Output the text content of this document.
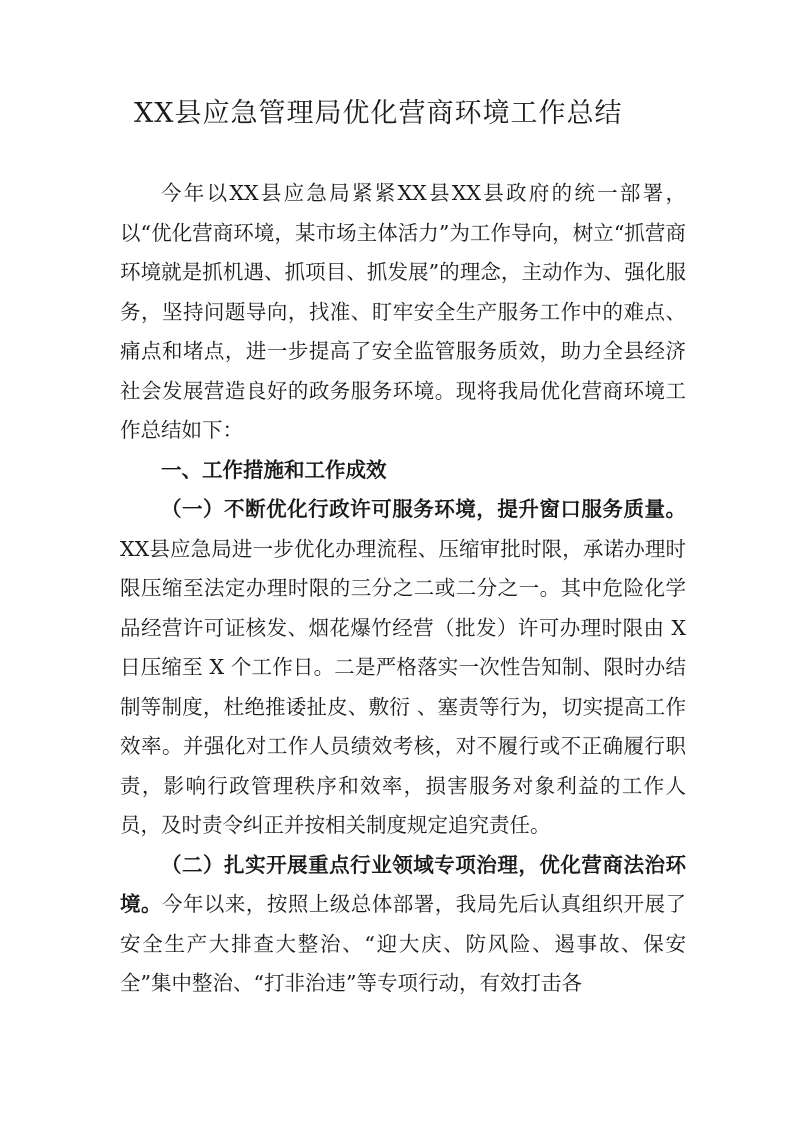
XX县应急管理局优化营商环境工作总结

今年以XX县应急局紧紧XX县XX县政府的统一部署， 以“优化营商环境，某市场主体活力”为工作导向，树立“抓营商环境就是抓机遇、抓项目、抓发展”的理念，主动作为、强化服务，坚持问题导向，找准、盯牢安全生产服务工作中的难点、痛点和堵点，进一步提高了安全监管服务质效，助力全县经济社会发展营造良好的政务服务环境。现将我局优化营商环境工作总结如下：

一、工作措施和工作成效

（一）不断优化行政许可服务环境，提升窗口服务质量。 XX县应急局进一步优化办理流程、压缩审批时限，承诺办理时限压缩至法定办理时限的三分之二或二分之一。其中危险化学品经营许可证核发、烟花爆竹经营（批发）许可办理时限由 X 日压缩至 X 个工作日。二是严格落实一次性告知制、限时办结制等制度，杜绝推诿扯皮、敷衍 、塞责等行为，切实提高工作效率。并强化对工作人员绩效考核，对不履行或不正确履行职责，影响行政管理秩序和效率，损害服务对象利益的工作人员，及时责令纠正并按相关制度规定追究责任。

（二）扎实开展重点行业领域专项治理，优化营商法治环境。今年以来，按照上级总体部署，我局先后认真组织开展了安全生产大排查大整治、“迎大庆、防风险、遏事故、保安全”集中整治、“打非治违”等专项行动，有效打击各
